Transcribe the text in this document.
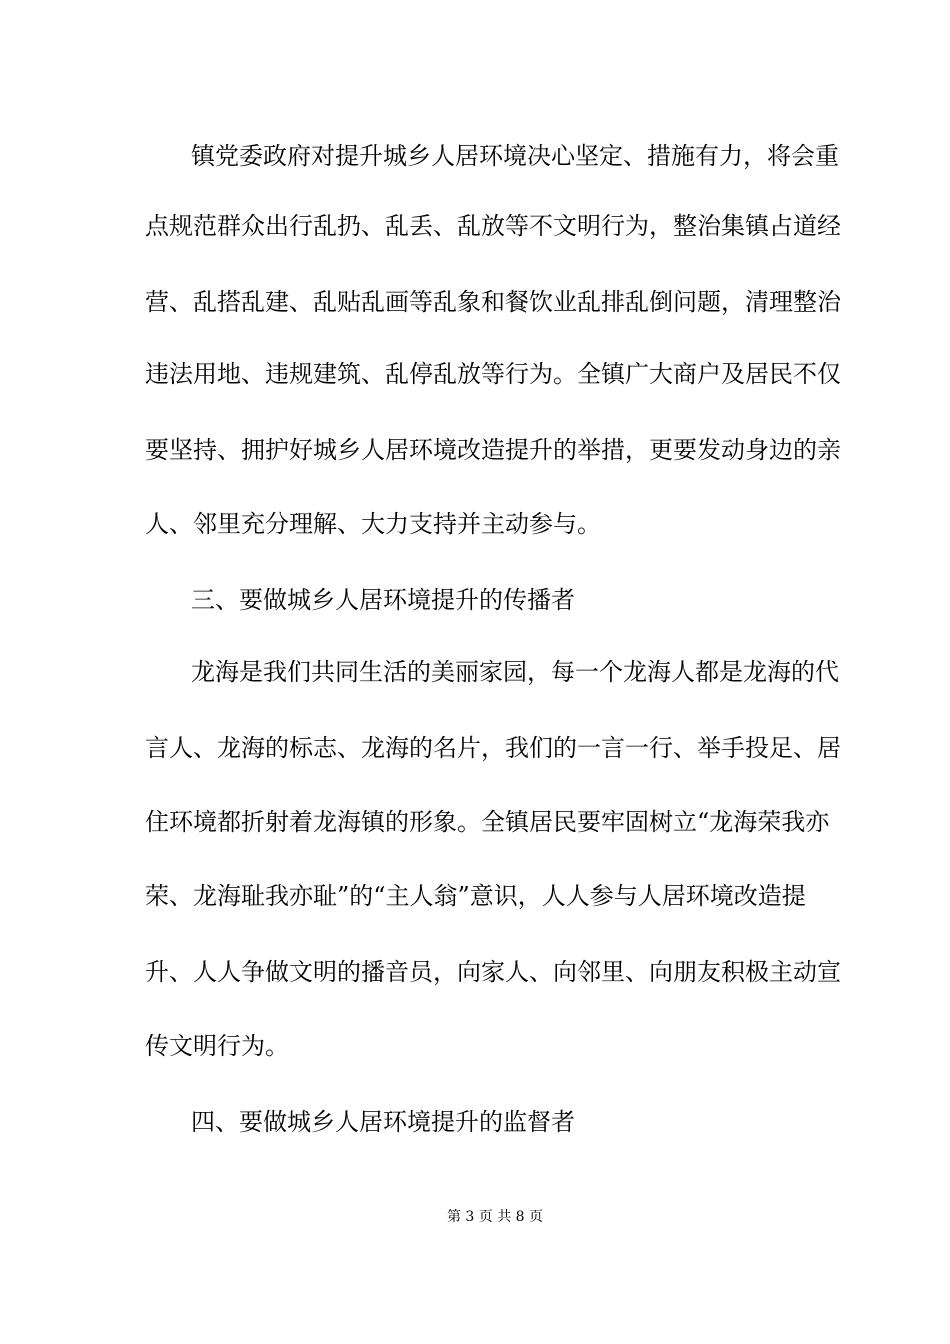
镇党委政府对提升城乡人居环境决心坚定、措施有力，将会重
点规范群众出行乱扔、乱丢、乱放等不文明行为，整治集镇占道经
营、乱搭乱建、乱贴乱画等乱象和餐饮业乱排乱倒问题，清理整治
违法用地、违规建筑、乱停乱放等行为。全镇广大商户及居民不仅
要坚持、拥护好城乡人居环境改造提升的举措，更要发动身边的亲
人、邻里充分理解、大力支持并主动参与。
三、要做城乡人居环境提升的传播者
龙海是我们共同生活的美丽家园，每一个龙海人都是龙海的代
言人、龙海的标志、龙海的名片，我们的一言一行、举手投足、居
住环境都折射着龙海镇的形象。全镇居民要牢固树立“龙海荣我亦
荣、龙海耻我亦耻”的“主人翁”意识，人人参与人居环境改造提
升、人人争做文明的播音员，向家人、向邻里、向朋友积极主动宣
传文明行为。
四、要做城乡人居环境提升的监督者
第 3 页 共 8 页
